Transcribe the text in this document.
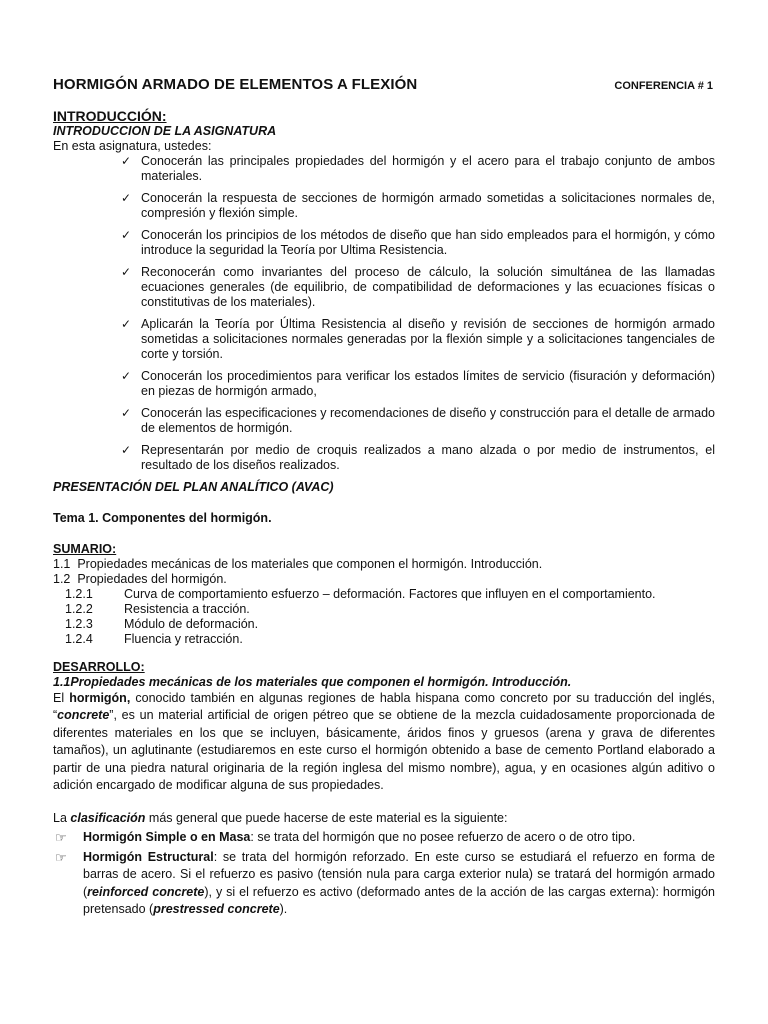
HORMIGÓN ARMADO DE ELEMENTOS A FLEXIÓN	CONFERENCIA # 1
INTRODUCCIÓN:
INTRODUCCION DE LA ASIGNATURA
En esta asignatura, ustedes:
✓ Conocerán las principales propiedades del hormigón y el acero para el trabajo conjunto de ambos materiales.
✓ Conocerán la respuesta de secciones de hormigón armado sometidas a solicitaciones normales de, compresión y flexión simple.
✓ Conocerán los principios de los métodos de diseño que han sido empleados para el hormigón, y cómo introduce la seguridad la Teoría por Ultima Resistencia.
✓ Reconocerán como invariantes del proceso de cálculo, la solución simultánea de las llamadas ecuaciones generales (de equilibrio, de compatibilidad de deformaciones y las ecuaciones físicas o constitutivas de los materiales).
✓ Aplicarán la Teoría por Última Resistencia al diseño y revisión de secciones de hormigón armado sometidas a solicitaciones normales generadas por la flexión simple y a solicitaciones tangenciales de corte y torsión.
✓ Conocerán los procedimientos para verificar los estados límites de servicio (fisuración y deformación) en piezas de hormigón armado,
✓ Conocerán las especificaciones y recomendaciones de diseño y construcción para el detalle de armado de elementos de hormigón.
✓ Representarán por medio de croquis realizados a mano alzada o por medio de instrumentos, el resultado de los diseños realizados.
PRESENTACIÓN DEL PLAN ANALÍTICO (AVAC)
Tema 1. Componentes del hormigón.
SUMARIO:
1.1 Propiedades mecánicas de los materiales que componen el hormigón. Introducción.
1.2 Propiedades del hormigón.
1.2.1	Curva de comportamiento esfuerzo – deformación. Factores que influyen en el comportamiento.
1.2.2	Resistencia a tracción.
1.2.3	Módulo de deformación.
1.2.4	Fluencia y retracción.
DESARROLLO:
1.1Propiedades mecánicas de los materiales que componen el hormigón. Introducción.
El hormigón, conocido también en algunas regiones de habla hispana como concreto por su traducción del inglés, “concrete”, es un material artificial de origen pétreo que se obtiene de la mezcla cuidadosamente proporcionada de diferentes materiales en los que se incluyen, básicamente, áridos finos y gruesos (arena y grava de diferentes tamaños), un aglutinante (estudiaremos en este curso el hormigón obtenido a base de cemento Portland elaborado a partir de una piedra natural originaria de la región inglesa del mismo nombre), agua, y en ocasiones algún aditivo o adición encargado de modificar alguna de sus propiedades.
La clasificación más general que puede hacerse de este material es la siguiente:
☞	Hormigón Simple o en Masa: se trata del hormigón que no posee refuerzo de acero o de otro tipo.
☞	Hormigón Estructural: se trata del hormigón reforzado. En este curso se estudiará el refuerzo en forma de barras de acero. Si el refuerzo es pasivo (tensión nula para carga exterior nula) se tratará del hormigón armado (reinforced concrete), y si el refuerzo es activo (deformado antes de la acción de las cargas externa): hormigón pretensado (prestressed concrete).
